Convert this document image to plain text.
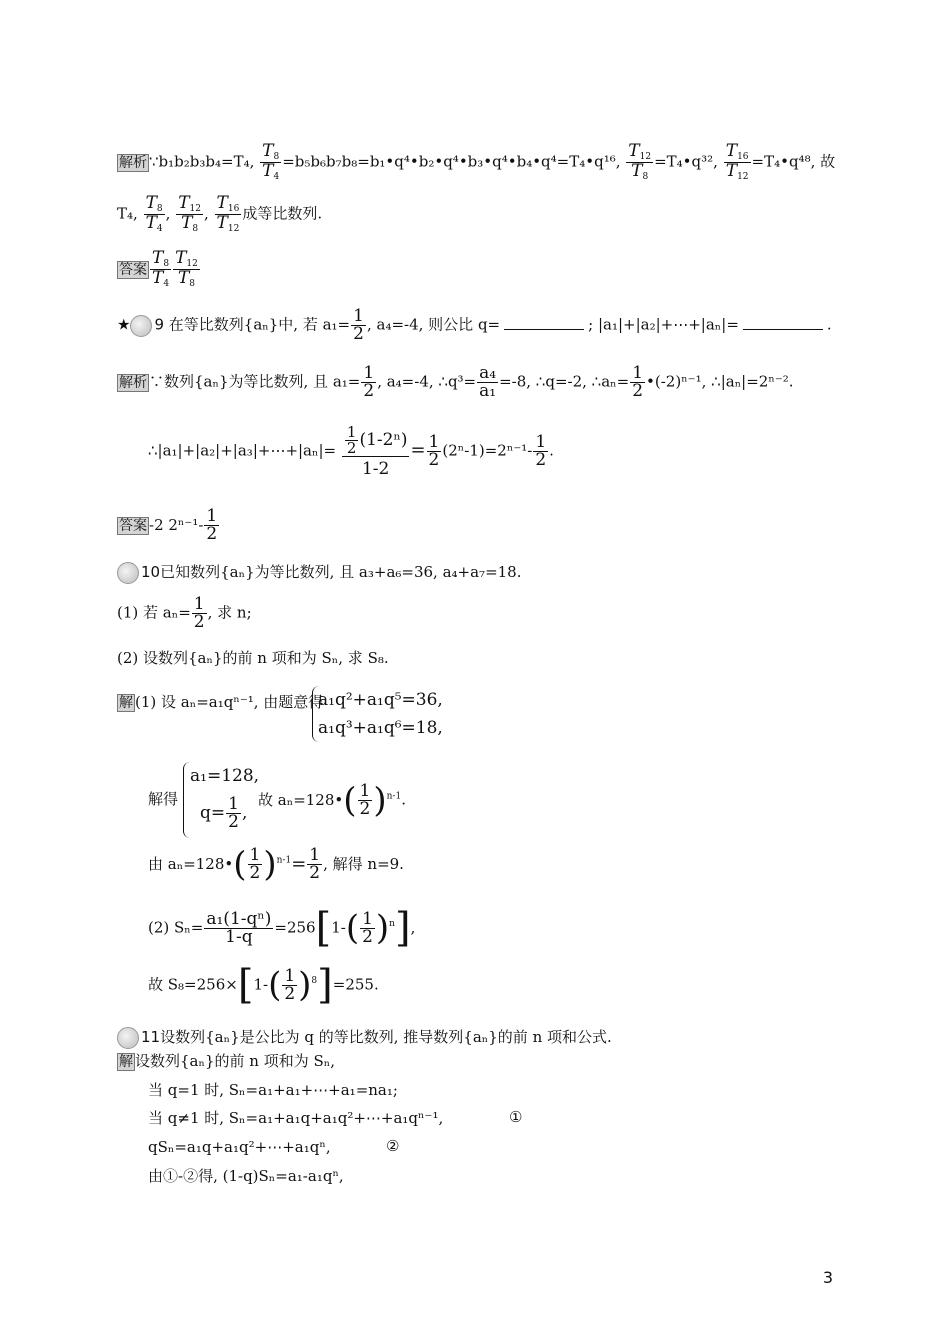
解析 ∵b₁b₂b₃b₄=T₄, $\frac{T_8}{T_4}$ =b₅b₆b₇b₈=b₁•q⁴•b₂•q⁴•b₃•q⁴•b₄•q⁴=T₄•q¹⁶, $\frac{T_{12}}{T_8}$ =T₄•q³², $\frac{T_{16}}{T_{12}}$ =T₄•q⁴⁸, 故
T₄, $\frac{T_8}{T_4}$ , $\frac{T_{12}}{T_8}$ , $\frac{T_{16}}{T_{12}}$ 成等比数列.
答案 $\frac{T_8}{T_4} \frac{T_{12}}{T_8}$
★ 9 在等比数列{aₙ}中, 若 $a_1= \frac{1}{2}$ , a₄=-4, 则公比 q=	; |a₁|+|a₂|+⋯+|aₙ|=	.
解析 ∵数列{aₙ}为等比数列, 且 $a_1= \frac{1}{2}$ , a₄=-4, ∴q³= $\frac{\text{a₄}}{\text{a₁}} =-8$, ∴q=-2, ∴aₙ= $\frac{1}{2}$ •(-2)ⁿ⁻¹, ∴|aₙ|=2ⁿ⁻².
∴|a₁|+|a₂|+|a₃|+⋯+|aₙ|= $\frac{\frac{1}{2} (1-2^n)}{1-2} = \frac{1}{2} (2^n-1)=2^{n-1}- \frac{1}{2}$ .
答案 -2 $2^{n-1}- \frac{1}{2}$
10已知数列{aₙ}为等比数列, 且 a₃+a₆=36, a₄+a₇=18.
(1) 若 $a_n= \frac{1}{2}$ , 求 n;
(2) 设数列{aₙ}的前 n 项和为 Sₙ, 求 S₈.
解 (1) 设 aₙ=a₁qⁿ⁻¹, 由题意得
a₁q²+a₁q⁵=36,
a₁q³+a₁q⁶=18,
解得
a₁=128,
$q= \frac{1}{2}$ ,
故 aₙ=128•( $\frac{1}{2} )^{n-1}$.
由 aₙ=128•( $\frac{1}{2} )^{n-1}= \frac{1}{2}$ , 解得 n=9.
(2) $S_n= \frac{\text{a₁(1-qⁿ)}}{1-q} =256[1-( \frac{1}{2} )^n]$,
故 $S_8=256\times[1-( \frac{1}{2} )^8]=255$.
11设数列{aₙ}是公比为 q 的等比数列, 推导数列{aₙ}的前 n 项和公式.
解 设数列{aₙ}的前 n 项和为 Sₙ,
当 q=1 时, Sₙ=a₁+a₁+⋯+a₁=na₁;
当 q≠1 时, Sₙ=a₁+a₁q+a₁q²+⋯+a₁qⁿ⁻¹,	①
qSₙ=a₁q+a₁q²+⋯+a₁qⁿ,	②
由①-②得, (1-q)Sₙ=a₁-a₁qⁿ,
3
